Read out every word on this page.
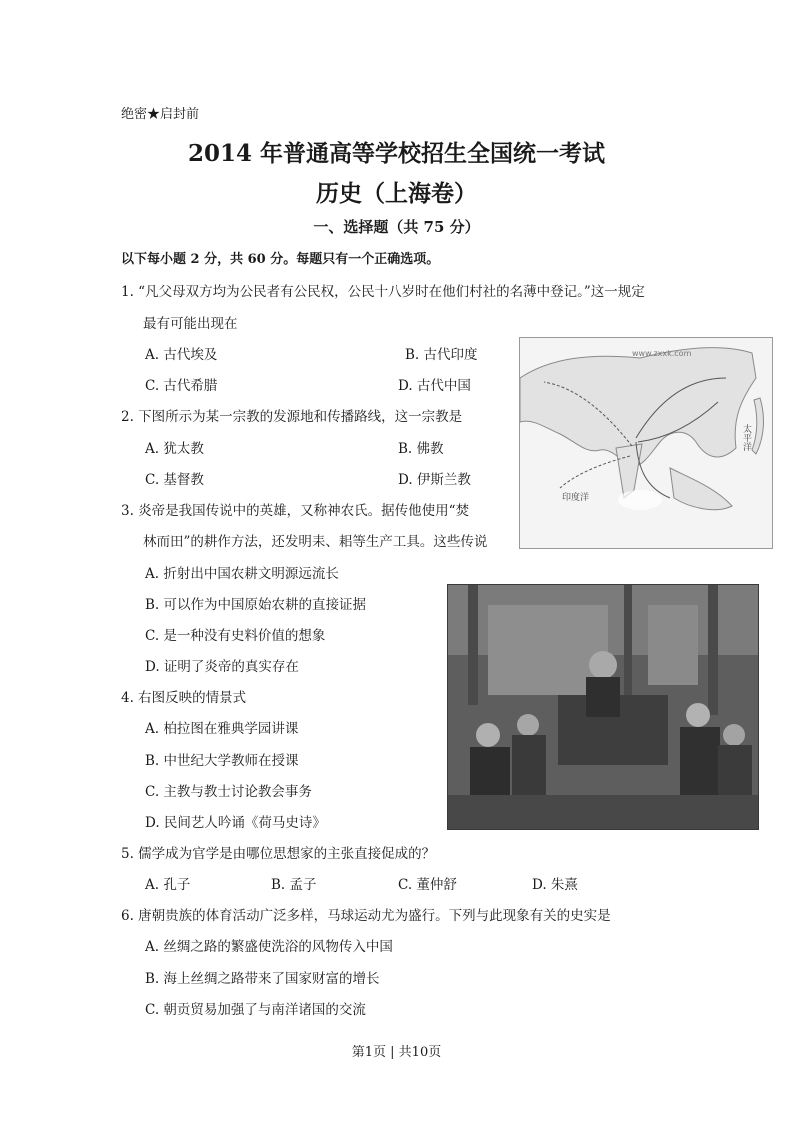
绝密★启封前
2014 年普通高等学校招生全国统一考试
历史（上海卷）
一、选择题（共 75 分）
以下每小题 2 分，共 60 分。每题只有一个正确选项。
1. “凡父母双方均为公民者有公民权，公民十八岁时在他们村社的名薄中登记。”这一规定
最有可能出现在
A. 古代埃及	B. 古代印度
C. 古代希腊	D. 古代中国
2. 下图所示为某一宗教的发源地和传播路线，这一宗教是
A. 犹太教	B. 佛教
C. 基督教	D. 伊斯兰教
3. 炎帝是我国传说中的英雄，又称神农氏。据传他使用“焚
林而田”的耕作方法，还发明耒、耜等生产工具。这些传说
A. 折射出中国农耕文明源远流长
B. 可以作为中国原始农耕的直接证据
C. 是一种没有史料价值的想象
D. 证明了炎帝的真实存在
4. 右图反映的情景式
A. 柏拉图在雅典学园讲课
B. 中世纪大学教师在授课
C. 主教与教士讨论教会事务
D. 民间艺人吟诵《荷马史诗》
5. 儒学成为官学是由哪位思想家的主张直接促成的？
A. 孔子	B. 孟子	C. 董仲舒	D. 朱熹
6. 唐朝贵族的体育活动广泛多样，马球运动尤为盛行。下列与此现象有关的史实是
A. 丝绸之路的繁盛使洗浴的风物传入中国
B. 海上丝绸之路带来了国家财富的增长
C. 朝贡贸易加强了与南洋诸国的交流
www.zxxk.com
太平洋
印度洋
第1页 | 共10页
